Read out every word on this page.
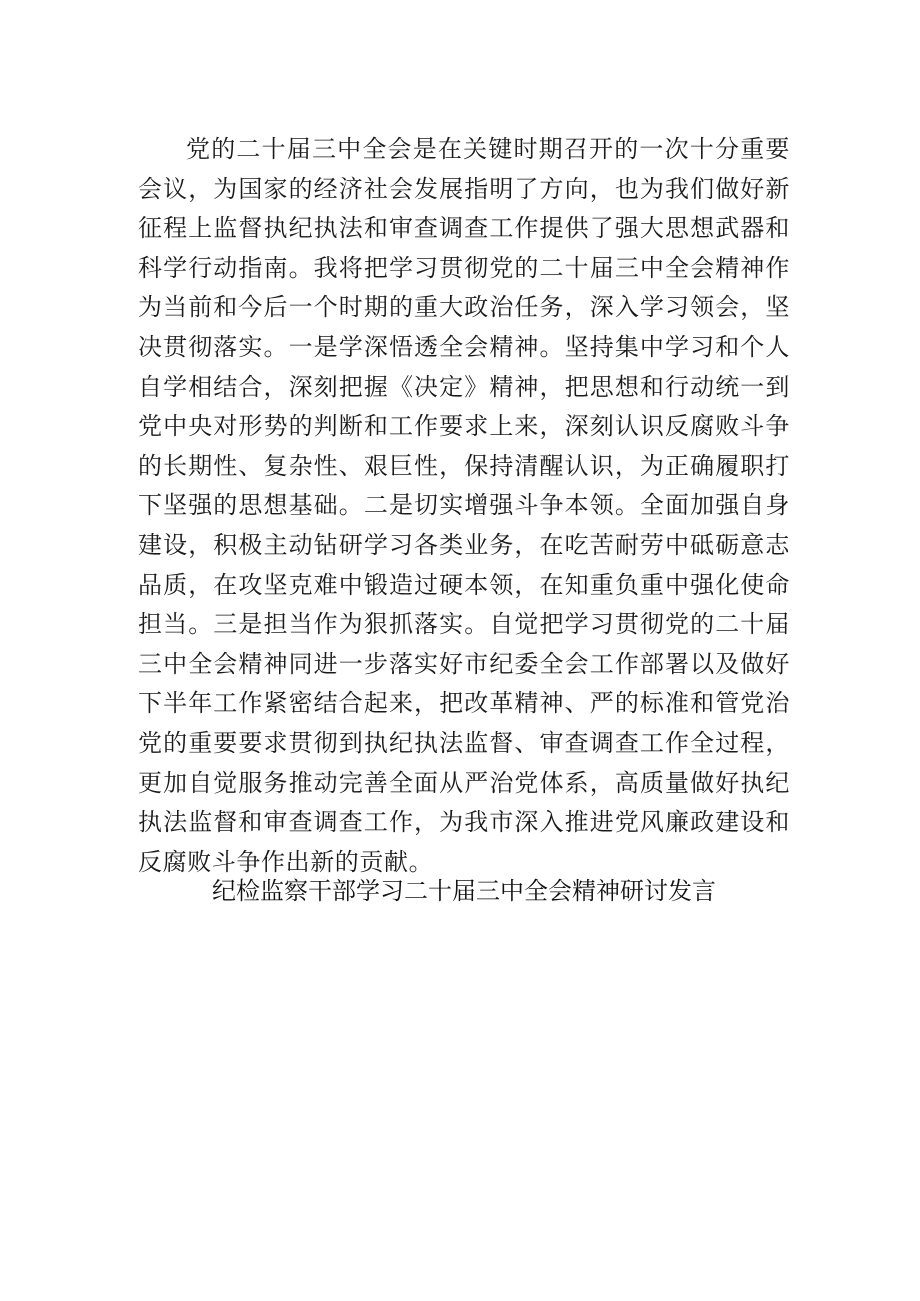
党的二十届三中全会是在关键时期召开的一次十分重要会议，为国家的经济社会发展指明了方向，也为我们做好新征程上监督执纪执法和审查调查工作提供了强大思想武器和科学行动指南。我将把学习贯彻党的二十届三中全会精神作为当前和今后一个时期的重大政治任务，深入学习领会，坚决贯彻落实。一是学深悟透全会精神。坚持集中学习和个人自学相结合，深刻把握《决定》精神，把思想和行动统一到党中央对形势的判断和工作要求上来，深刻认识反腐败斗争的长期性、复杂性、艰巨性，保持清醒认识，为正确履职打下坚强的思想基础。二是切实增强斗争本领。全面加强自身建设，积极主动钻研学习各类业务，在吃苦耐劳中砥砺意志品质，在攻坚克难中锻造过硬本领，在知重负重中强化使命担当。三是担当作为狠抓落实。自觉把学习贯彻党的二十届三中全会精神同进一步落实好市纪委全会工作部署以及做好下半年工作紧密结合起来，把改革精神、严的标准和管党治党的重要要求贯彻到执纪执法监督、审查调查工作全过程，更加自觉服务推动完善全面从严治党体系，高质量做好执纪执法监督和审查调查工作，为我市深入推进党风廉政建设和反腐败斗争作出新的贡献。

纪检监察干部学习二十届三中全会精神研讨发言
